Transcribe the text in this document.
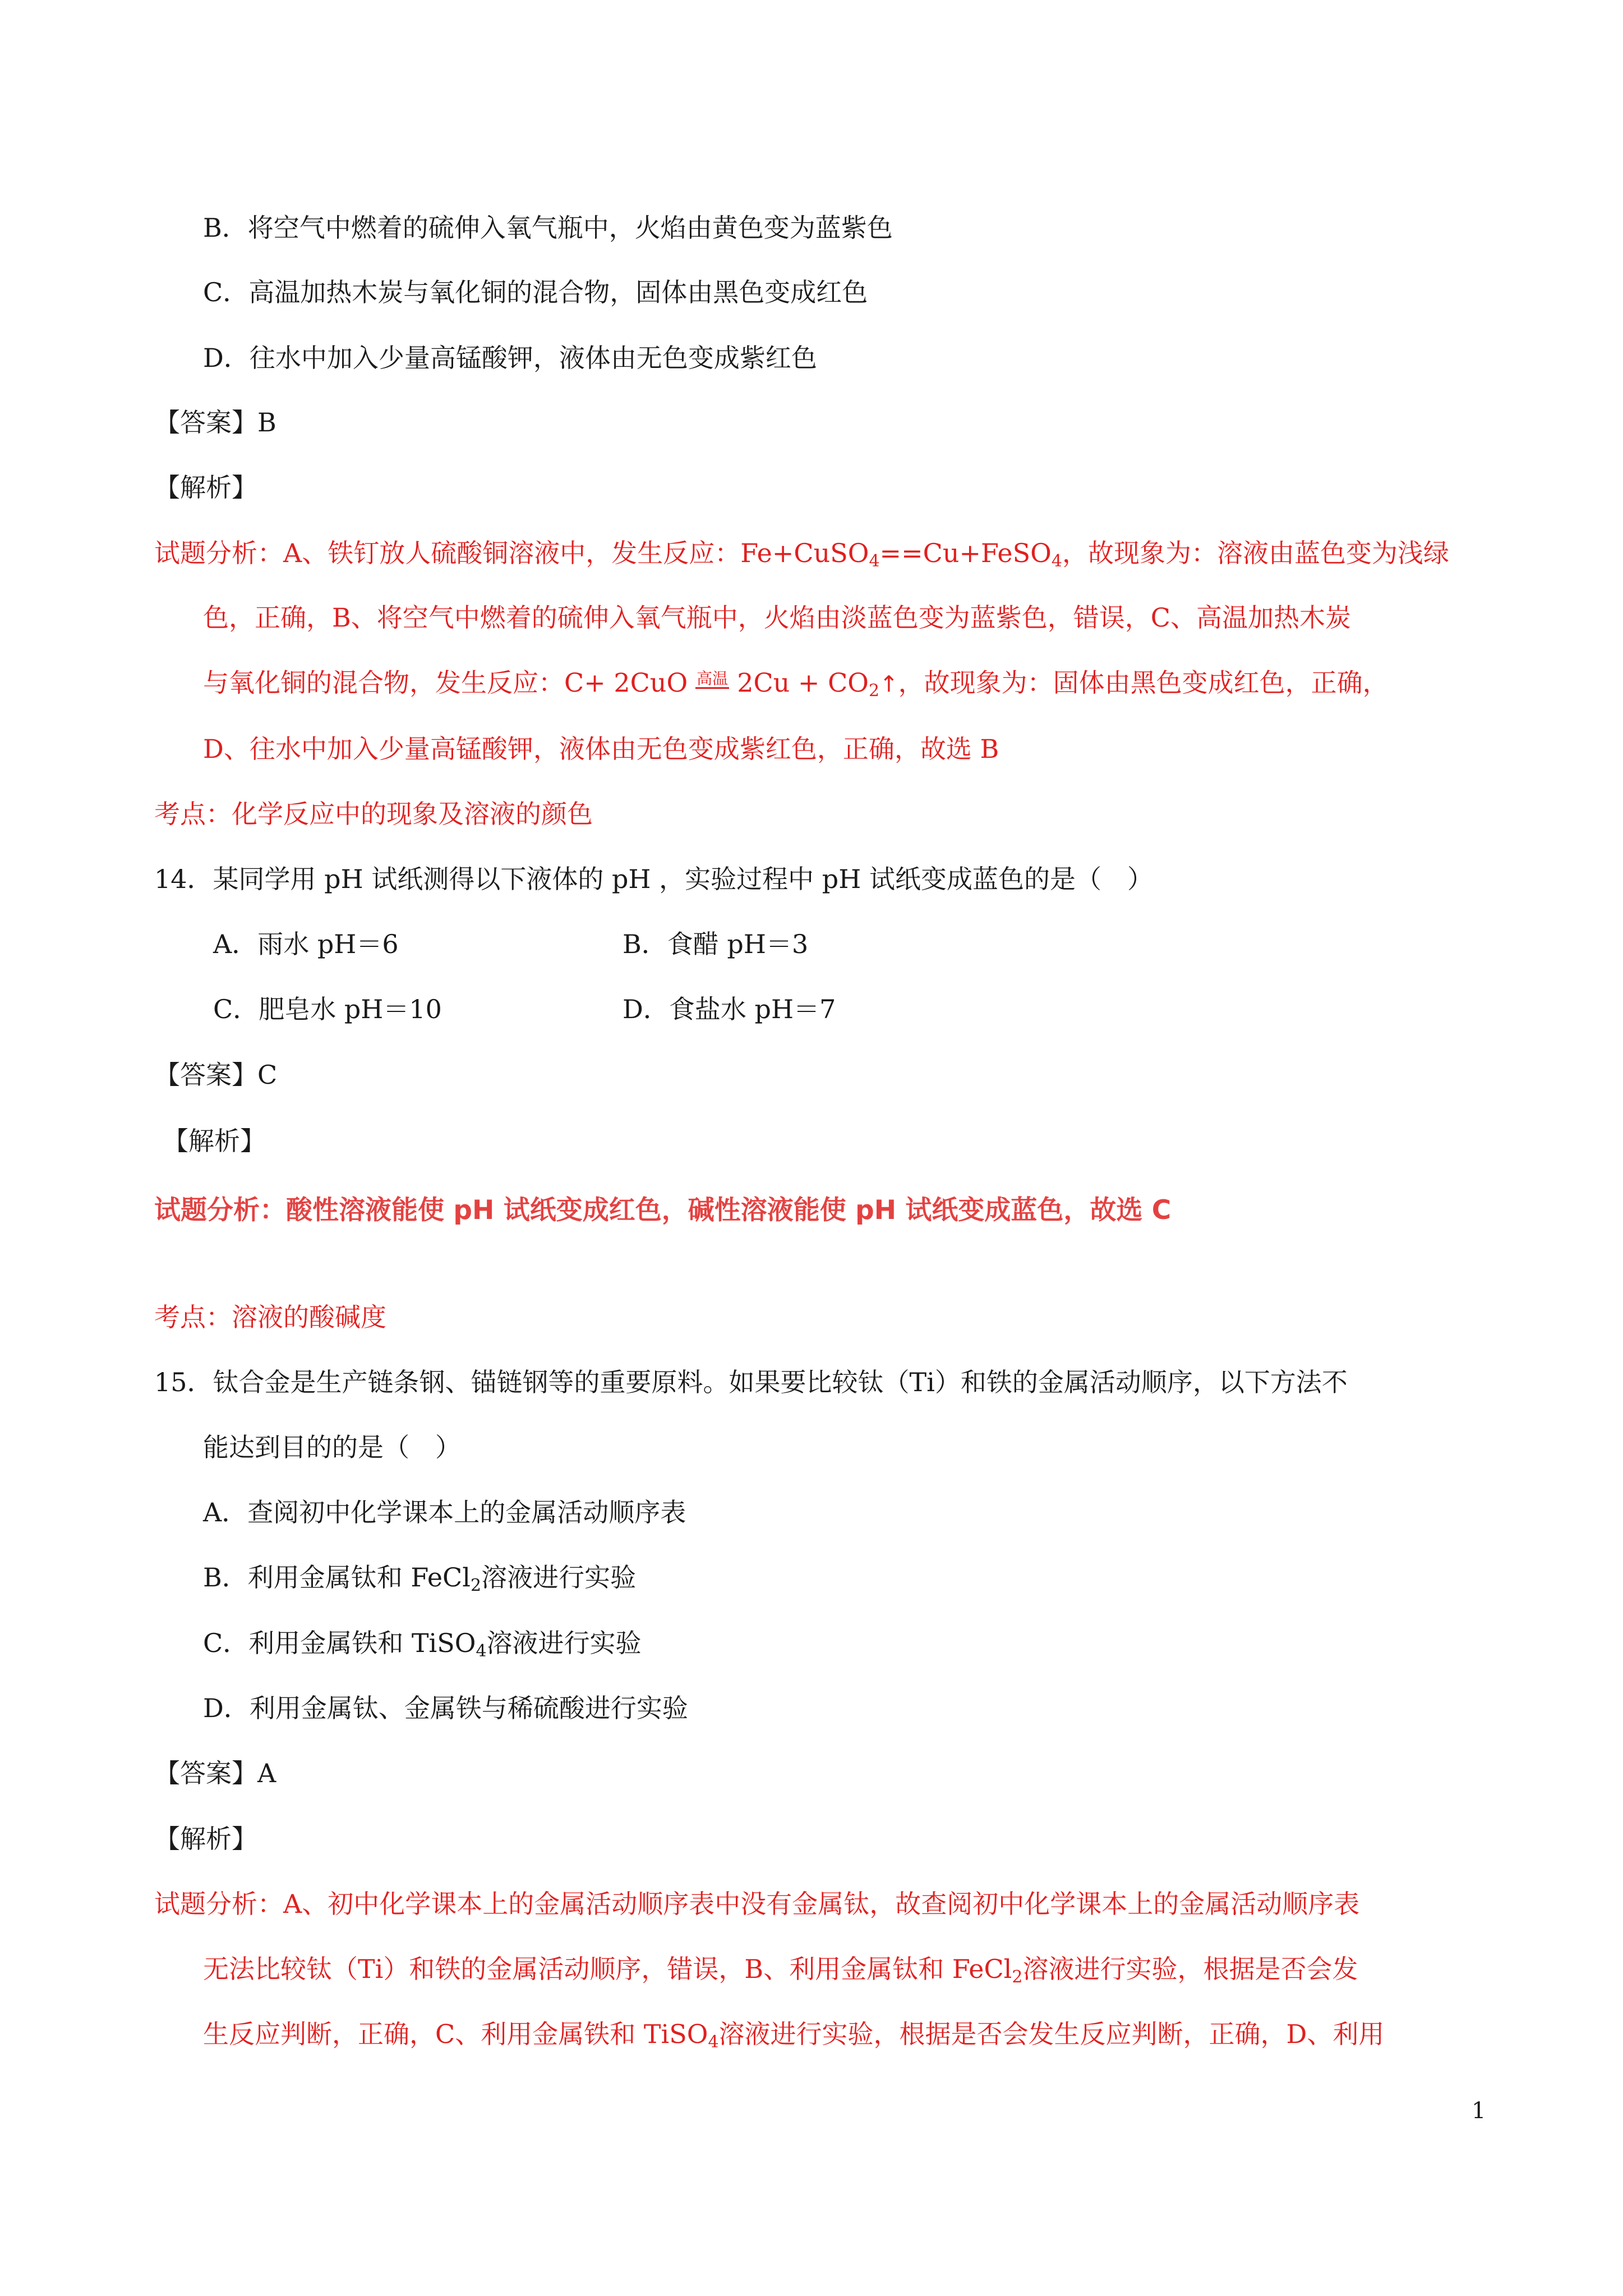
B．将空气中燃着的硫伸入氧气瓶中，火焰由黄色变为蓝紫色
C．高温加热木炭与氧化铜的混合物，固体由黑色变成红色
D．往水中加入少量高锰酸钾，液体由无色变成紫红色
【答案】B
【解析】
试题分析：A、铁钉放人硫酸铜溶液中，发生反应：Fe+CuSO$_4$==Cu+FeSO$_4$，故现象为：溶液由蓝色变为浅绿
色，正确，B、将空气中燃着的硫伸入氧气瓶中，火焰由淡蓝色变为蓝紫色，错误，C、高温加热木炭
与氧化铜的混合物，发生反应：C+ 2CuO 高温 $2Cu + CO_2↑$，故现象为：固体由黑色变成红色，正确，
D、往水中加入少量高锰酸钾，液体由无色变成紫红色，正确，故选 B
考点：化学反应中的现象及溶液的颜色
14．某同学用 pH 试纸测得以下液体的 pH ，实验过程中 pH 试纸变成蓝色的是（　）
A．雨水 pH＝6	B．食醋 pH＝3
C．肥皂水 pH＝10	D．食盐水 pH＝7
【答案】C
【解析】
试题分析：酸性溶液能使 pH 试纸变成红色，碱性溶液能使 pH 试纸变成蓝色，故选 C
考点：溶液的酸碱度
15．钛合金是生产链条钢、锚链钢等的重要原料。如果要比较钛（Ti）和铁的金属活动顺序，以下方法不
能达到目的的是（　）
A．查阅初中化学课本上的金属活动顺序表
B．利用金属钛和 FeCl$_2$溶液进行实验
C．利用金属铁和 TiSO$_4$溶液进行实验
D．利用金属钛、金属铁与稀硫酸进行实验
【答案】A
【解析】
试题分析：A、初中化学课本上的金属活动顺序表中没有金属钛，故查阅初中化学课本上的金属活动顺序表
无法比较钛（Ti）和铁的金属活动顺序，错误，B、利用金属钛和 FeCl$_2$溶液进行实验，根据是否会发
生反应判断，正确，C、利用金属铁和 TiSO$_4$溶液进行实验，根据是否会发生反应判断，正确，D、利用
1
